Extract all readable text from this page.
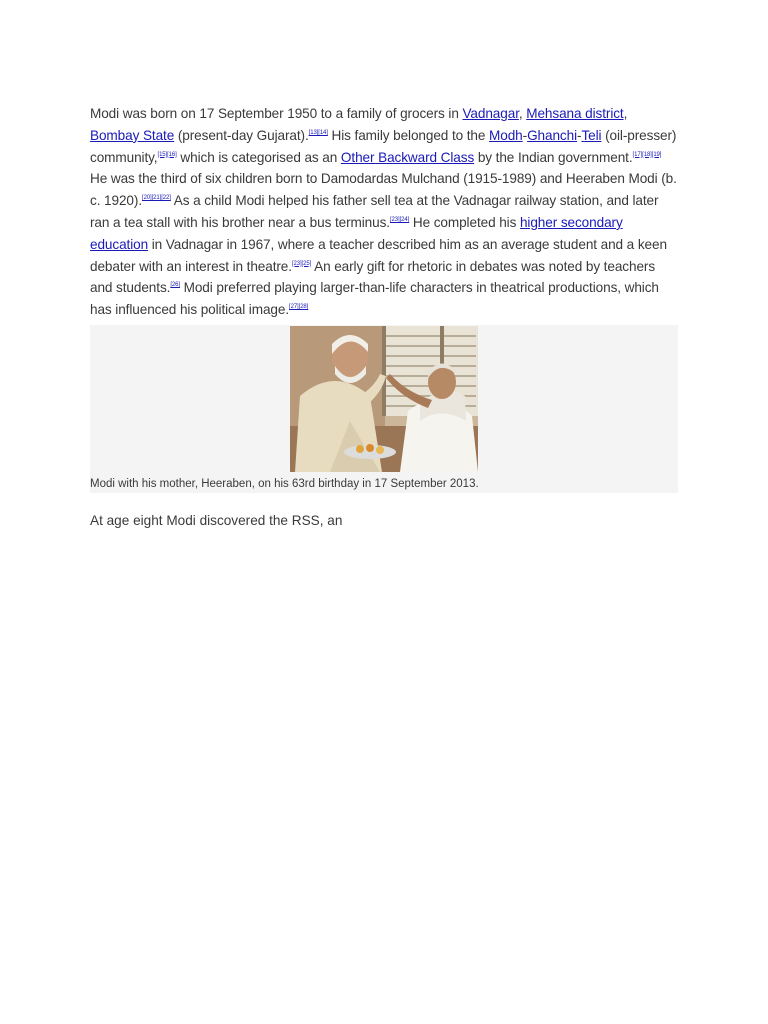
Modi was born on 17 September 1950 to a family of grocers in Vadnagar, Mehsana district, Bombay State (present-day Gujarat).[13][14] His family belonged to the Modh-Ghanchi-Teli (oil-presser) community,[15][16] which is categorised as an Other Backward Class by the Indian government.[17][18][19] He was the third of six children born to Damodardas Mulchand (1915-1989) and Heeraben Modi (b. c. 1920).[20][21][22] As a child Modi helped his father sell tea at the Vadnagar railway station, and later ran a tea stall with his brother near a bus terminus.[23][24] He completed his higher secondary education in Vadnagar in 1967, where a teacher described him as an average student and a keen debater with an interest in theatre.[23][25] An early gift for rhetoric in debates was noted by teachers and students.[26] Modi preferred playing larger-than-life characters in theatrical productions, which has influenced his political image.[27][28]

Modi with his mother, Heeraben, on his 63rd birthday in 17 September 2013.

At age eight Modi discovered the RSS, an
